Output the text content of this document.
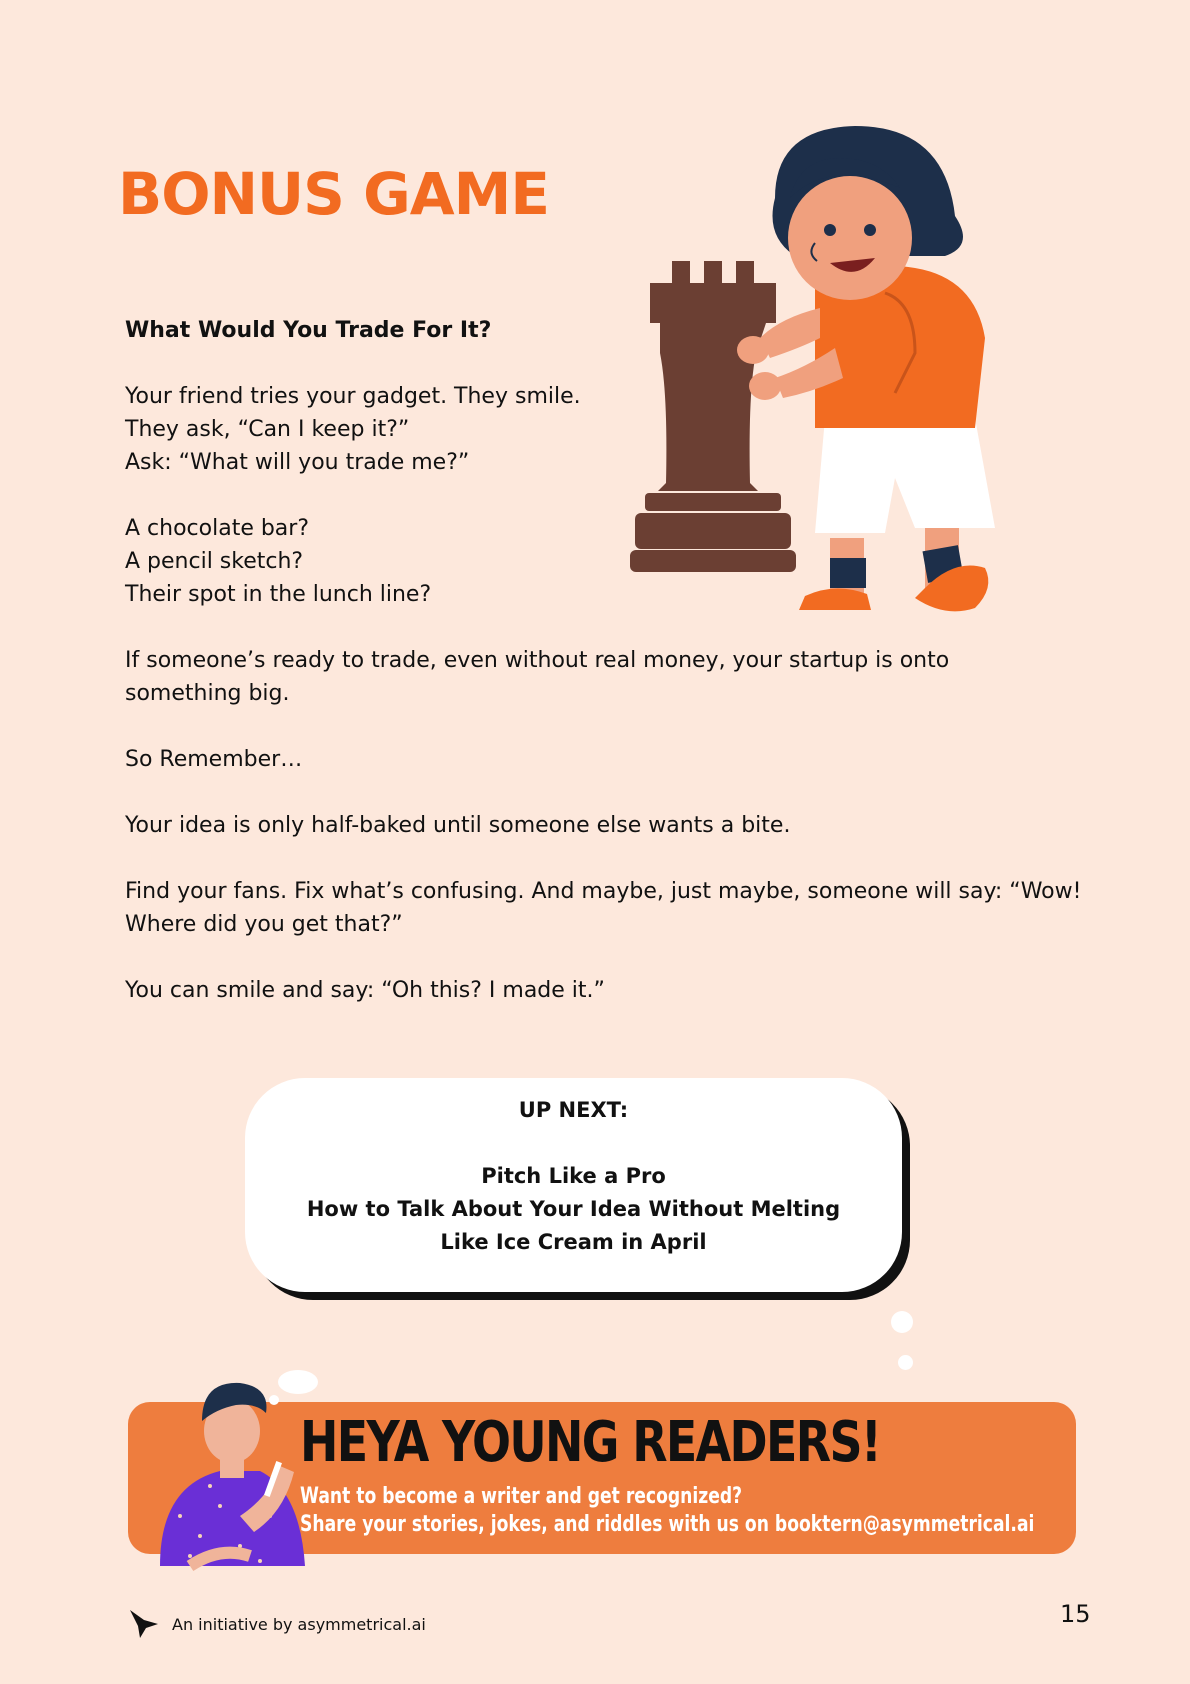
BONUS GAME

What Would You Trade For It?

Your friend tries your gadget. They smile.

They ask, “Can I keep it?”

Ask: “What will you trade me?”

A chocolate bar?

A pencil sketch?

Their spot in the lunch line?

If someone’s ready to trade, even without real money, your startup is onto something big.

So Remember…

Your idea is only half-baked until someone else wants a bite.

Find your fans. Fix what’s confusing. And maybe, just maybe, someone will say: “Wow! Where did you get that?”

You can smile and say: “Oh this? I made it.”

UP NEXT:
Pitch Like a Pro
How to Talk About Your Idea Without Melting
Like Ice Cream in April
HEYA YOUNG READERS!
Want to become a writer and get recognized?
Share your stories, jokes, and riddles with us on booktern@asymmetrical.ai
An initiative by asymmetrical.ai	15
